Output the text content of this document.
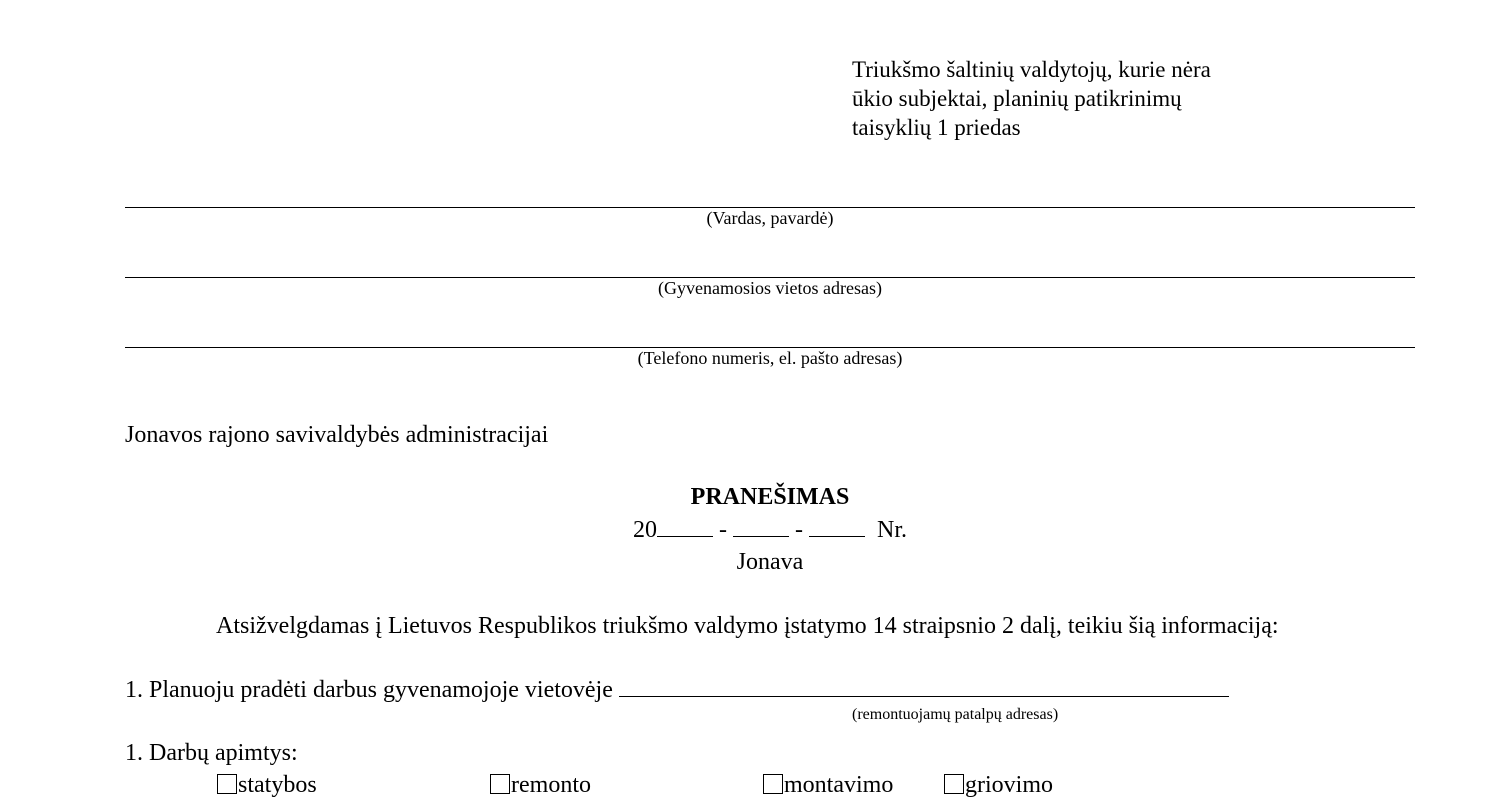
Triukšmo šaltinių valdytojų, kurie nėra
ūkio subjektai, planinių patikrinimų
taisyklių 1 priedas
(Vardas, pavardė)
(Gyvenamosios vietos adresas)
(Telefono numeris, el. pašto adresas)
Jonavos rajono savivaldybės administracijai
PRANEŠIMAS
20 -  -	Nr.
Jonava
Atsižvelgdamas į Lietuvos Respublikos triukšmo valdymo įstatymo 14 straipsnio 2 dalį, teikiu šią informaciją:
1. Planuoju pradėti darbus gyvenamojoje vietovėje
(remontuojamų patalpų adresas)
1. Darbų apimtys:
statybos	remonto	montavimo	griovimo
